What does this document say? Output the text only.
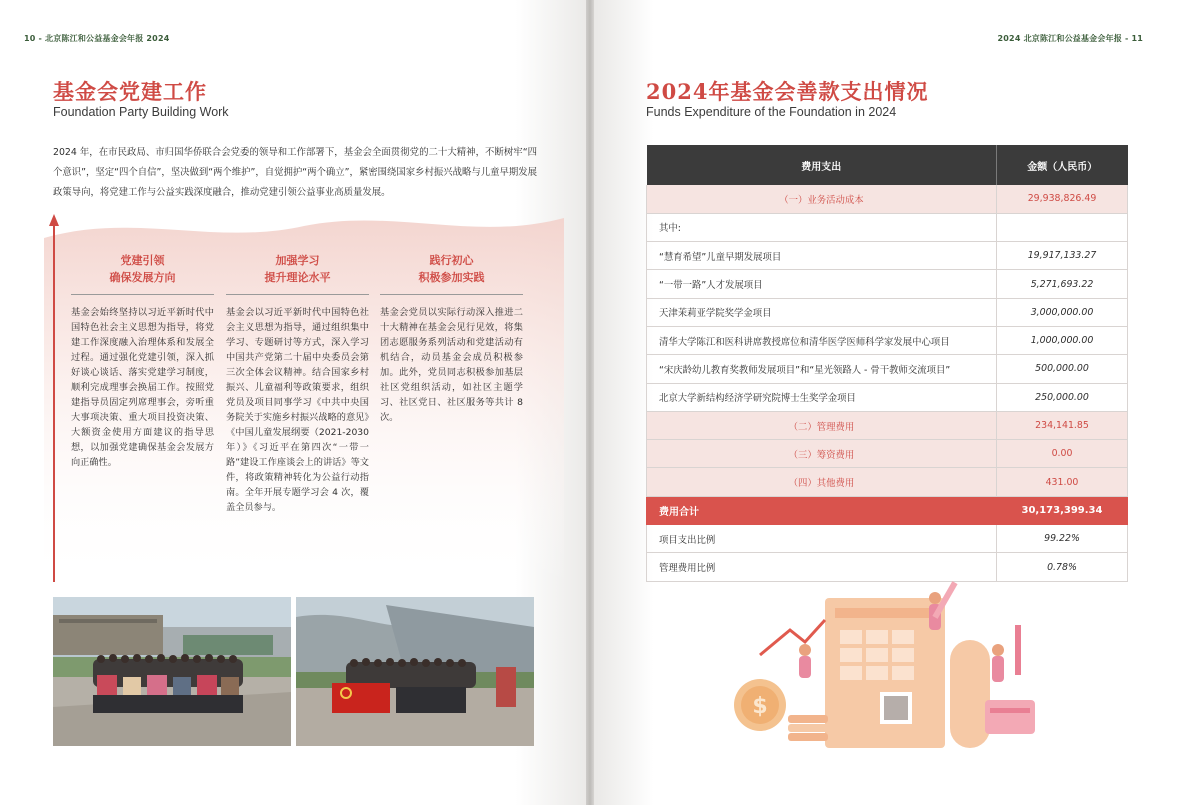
10 - 北京陈江和公益基金会年报 2024
基金会党建工作
Foundation Party Building Work
2024 年，在市民政局、市归国华侨联合会党委的领导和工作部署下，基金会全面贯彻党的二十大精神，不断树牢“四个意识”，坚定“四个自信”，坚决做到“两个维护”，自觉拥护“两个确立”，紧密围绕国家乡村振兴战略与儿童早期发展政策导向，将党建工作与公益实践深度融合，推动党建引领公益事业高质量发展。
党建引领
确保发展方向
基金会始终坚持以习近平新时代中国特色社会主义思想为指导，将党建工作深度融入治理体系和发展全过程。通过强化党建引领，深入抓好谈心谈话、落实党建学习制度，顺利完成理事会换届工作。按照党建指导员固定列席理事会，旁听重大事项决策、重大项目投资决策、大额资金使用方面建议的指导思想，以加强党建确保基金会发展方向正确性。
加强学习
提升理论水平
基金会以习近平新时代中国特色社会主义思想为指导，通过组织集中学习、专题研讨等方式，深入学习中国共产党第二十届中央委员会第三次全体会议精神。结合国家乡村振兴、儿童福利等政策要求，组织党员及项目同事学习《中共中央国务院关于实施乡村振兴战略的意见》《中国儿童发展纲要（2021-2030 年）》《习近平在第四次“一带一路”建设工作座谈会上的讲话》等文件，将政策精神转化为公益行动指南。全年开展专题学习会 4 次，覆盖全员参与。
践行初心
积极参加实践
基金会党员以实际行动深入推进二十大精神在基金会见行见效，将集团志愿服务系列活动和党建活动有机结合，动员基金会成员积极参加。此外，党员同志积极参加基层社区党组织活动，如社区主题学习、社区党日、社区服务等共计 8 次。
2024 北京陈江和公益基金会年报 - 11
2024年基金会善款支出情况
Funds Expenditure of the Foundation in 2024
费用支出	金额（人民币）
（一）业务活动成本	29,938,826.49
其中:	
“慧育希望”儿童早期发展项目	19,917,133.27
“一带一路”人才发展项目	5,271,693.22
天津茉莉亚学院奖学金项目	3,000,000.00
清华大学陈江和医科讲席教授席位和清华医学医师科学家发展中心项目	1,000,000.00
“宋庆龄幼儿教育奖教师发展项目”和“星光领路人 - 骨干教师交流项目”	500,000.00
北京大学新结构经济学研究院博士生奖学金项目	250,000.00
（二）管理费用	234,141.85
（三）筹资费用	0.00
（四）其他费用	431.00
费用合计	30,173,399.34
项目支出比例	99.22%
管理费用比例	0.78%
$
